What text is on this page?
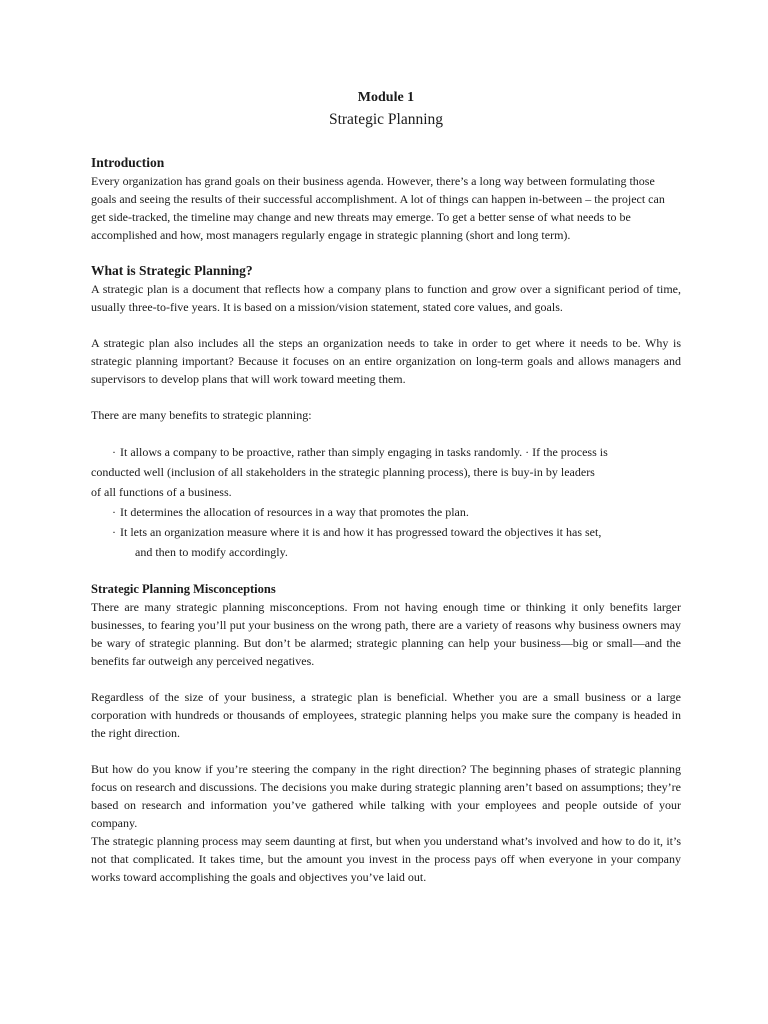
Module 1

Strategic Planning

Introduction

Every organization has grand goals on their business agenda. However, there’s a long way between formulating those goals and seeing the results of their successful accomplishment. A lot of things can happen in-between – the project can get side-tracked, the timeline may change and new threats may emerge. To get a better sense of what needs to be accomplished and how, most managers regularly engage in strategic planning (short and long term).

What is Strategic Planning?

A strategic plan is a document that reflects how a company plans to function and grow over a significant period of time, usually three-to-five years. It is based on a mission/vision statement, stated core values, and goals.

A strategic plan also includes all the steps an organization needs to take in order to get where it needs to be. Why is strategic planning important? Because it focuses on an entire organization on long-term goals and allows managers and supervisors to develop plans that will work toward meeting them.

There are many benefits to strategic planning:

· It allows a company to be proactive, rather than simply engaging in tasks randomly. · If the process is
conducted well (inclusion of all stakeholders in the strategic planning process), there is buy-in by leaders
of all functions of a business.
· It determines the allocation of resources in a way that promotes the plan.
· It lets an organization measure where it is and how it has progressed toward the objectives it has set,
and then to modify accordingly.
Strategic Planning Misconceptions

There are many strategic planning misconceptions. From not having enough time or thinking it only benefits larger businesses, to fearing you’ll put your business on the wrong path, there are a variety of reasons why business owners may be wary of strategic planning. But don’t be alarmed; strategic planning can help your business—big or small—and the benefits far outweigh any perceived negatives.

Regardless of the size of your business, a strategic plan is beneficial. Whether you are a small business or a large corporation with hundreds or thousands of employees, strategic planning helps you make sure the company is headed in the right direction.

But how do you know if you’re steering the company in the right direction? The beginning phases of strategic planning focus on research and discussions. The decisions you make during strategic planning aren’t based on assumptions; they’re based on research and information you’ve gathered while talking with your employees and people outside of your company.

The strategic planning process may seem daunting at first, but when you understand what’s involved and how to do it, it’s not that complicated. It takes time, but the amount you invest in the process pays off when everyone in your company works toward accomplishing the goals and objectives you’ve laid out.
